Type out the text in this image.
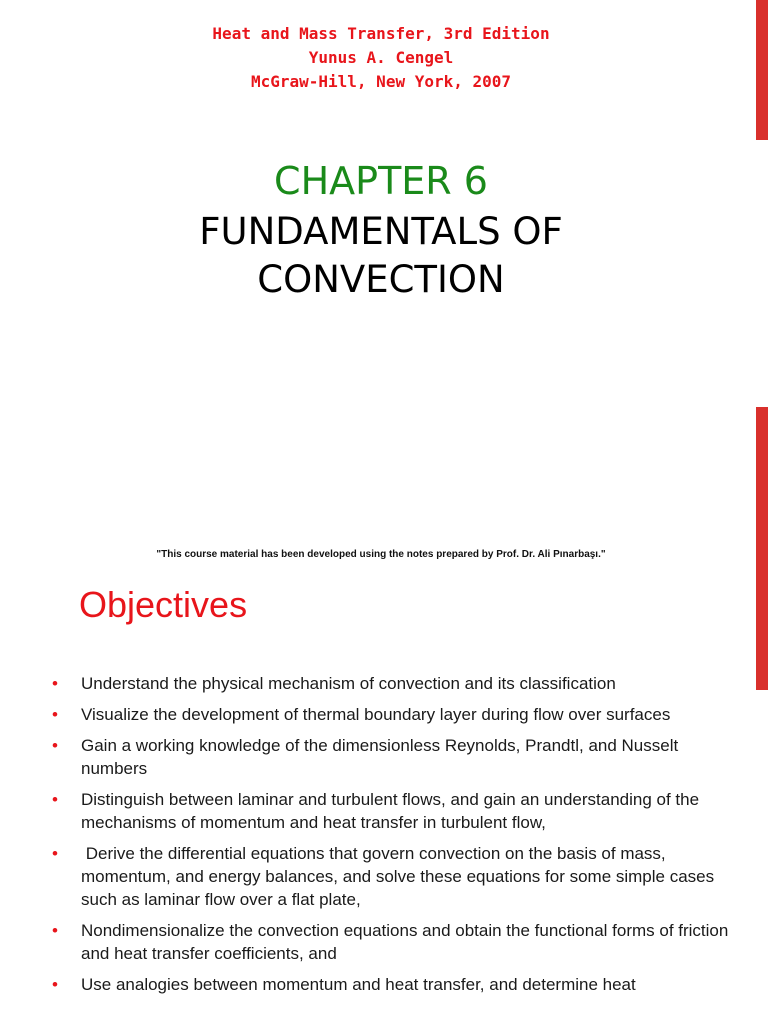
Heat and Mass Transfer, 3rd Edition
Yunus A. Cengel
McGraw-Hill, New York, 2007
CHAPTER 6
FUNDAMENTALS OF
CONVECTION
"This course material has been developed using the notes prepared by Prof. Dr. Ali Pınarbaşı."
Objectives
• Understand the physical mechanism of convection and its classification
• Visualize the development of thermal boundary layer during flow over surfaces
• Gain a working knowledge of the dimensionless Reynolds, Prandtl, and Nusselt numbers
• Distinguish between laminar and turbulent flows, and gain an understanding of the mechanisms of momentum and heat transfer in turbulent flow,
• Derive the differential equations that govern convection on the basis of mass, momentum, and energy balances, and solve these equations for some simple cases such as laminar flow over a flat plate,
• Nondimensionalize the convection equations and obtain the functional forms of friction and heat transfer coefficients, and
• Use analogies between momentum and heat transfer, and determine heat
